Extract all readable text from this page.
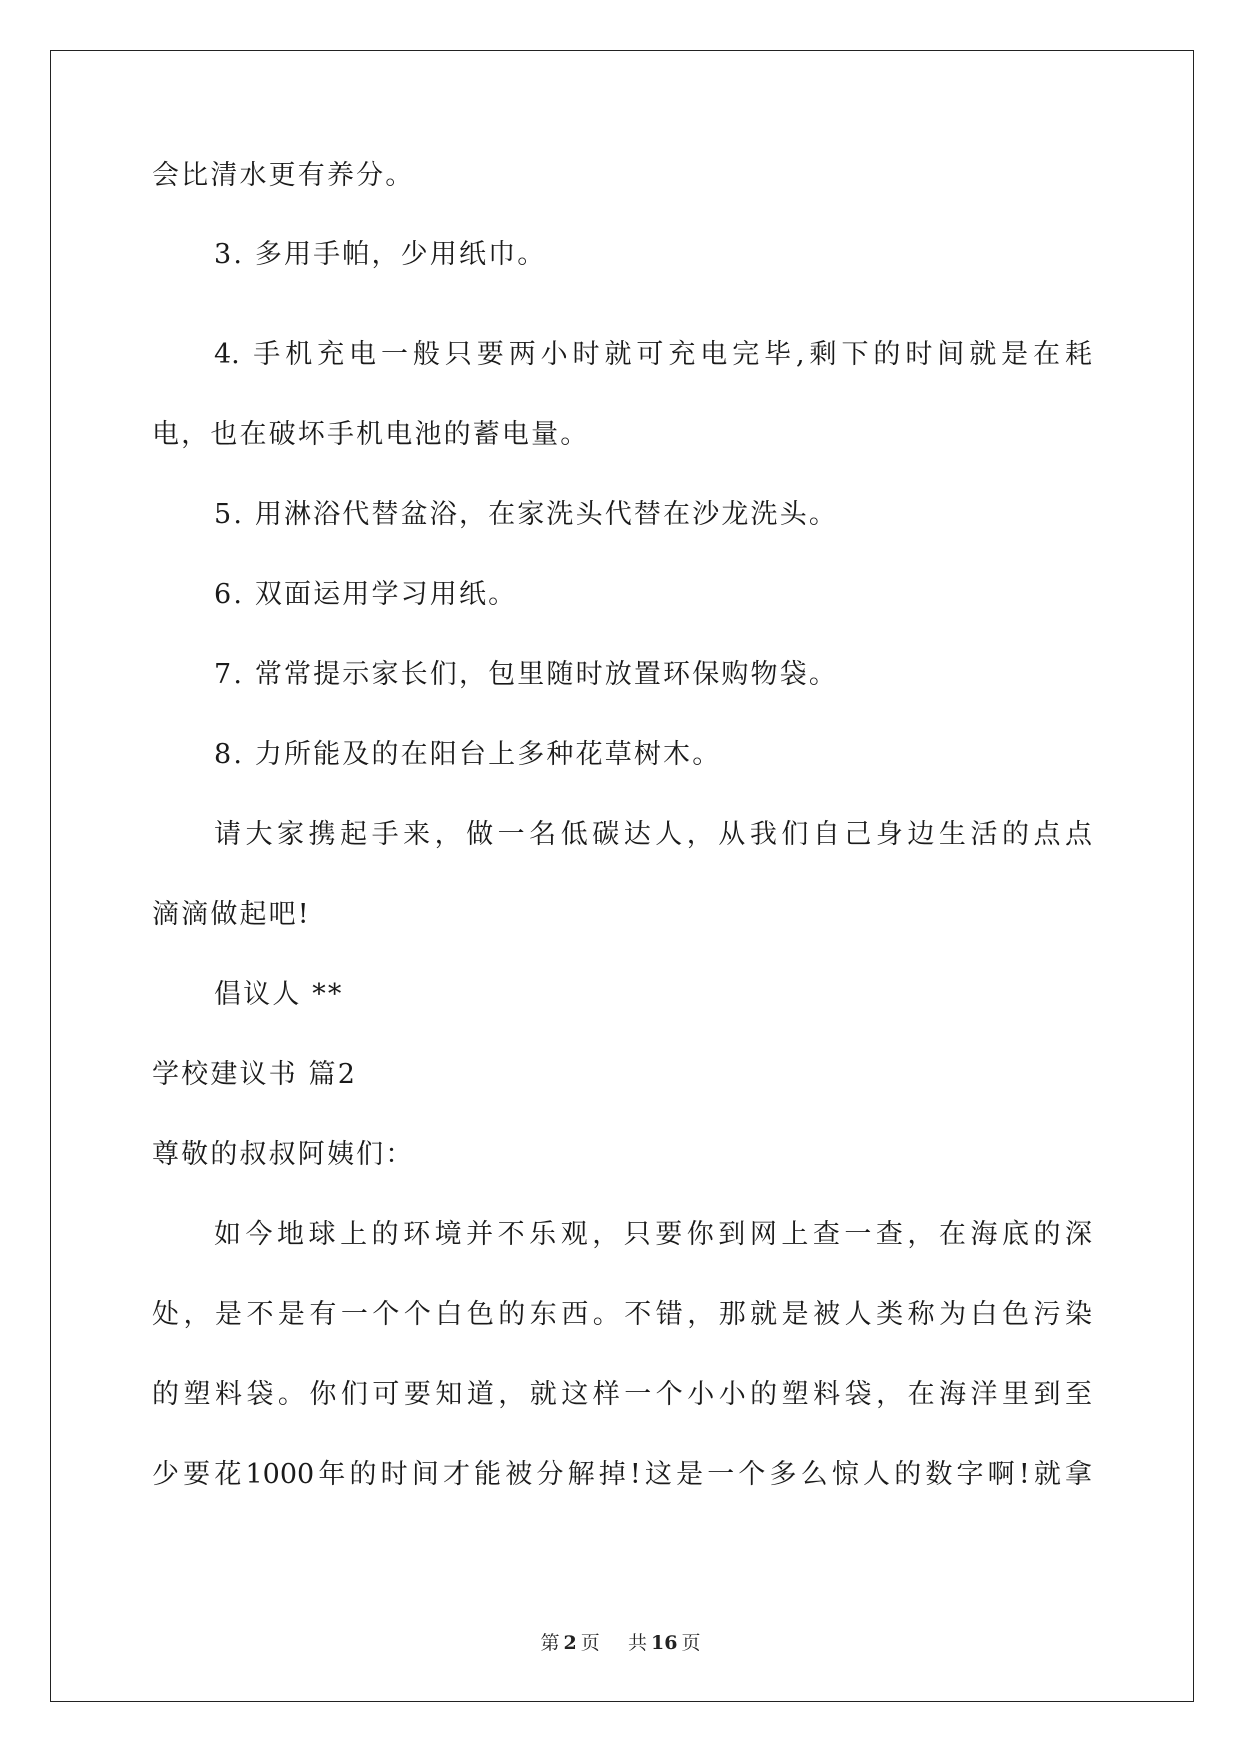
会比清水更有养分。
3. 多用手帕，少用纸巾。
4. 手机充电一般只要两小时就可充电完毕,剩下的时间就是在耗
电，也在破坏手机电池的蓄电量。
5. 用淋浴代替盆浴，在家洗头代替在沙龙洗头。
6. 双面运用学习用纸。
7. 常常提示家长们，包里随时放置环保购物袋。
8. 力所能及的在阳台上多种花草树木。
请大家携起手来，做一名低碳达人，从我们自己身边生活的点点
滴滴做起吧!
倡议人 **
学校建议书 篇2
尊敬的叔叔阿姨们：
如今地球上的环境并不乐观，只要你到网上查一查，在海底的深
处，是不是有一个个白色的东西。不错，那就是被人类称为白色污染
的塑料袋。你们可要知道，就这样一个小小的塑料袋，在海洋里到至
少要花1000年的时间才能被分解掉!这是一个多么惊人的数字啊!就拿
第 2 页 共 16 页
